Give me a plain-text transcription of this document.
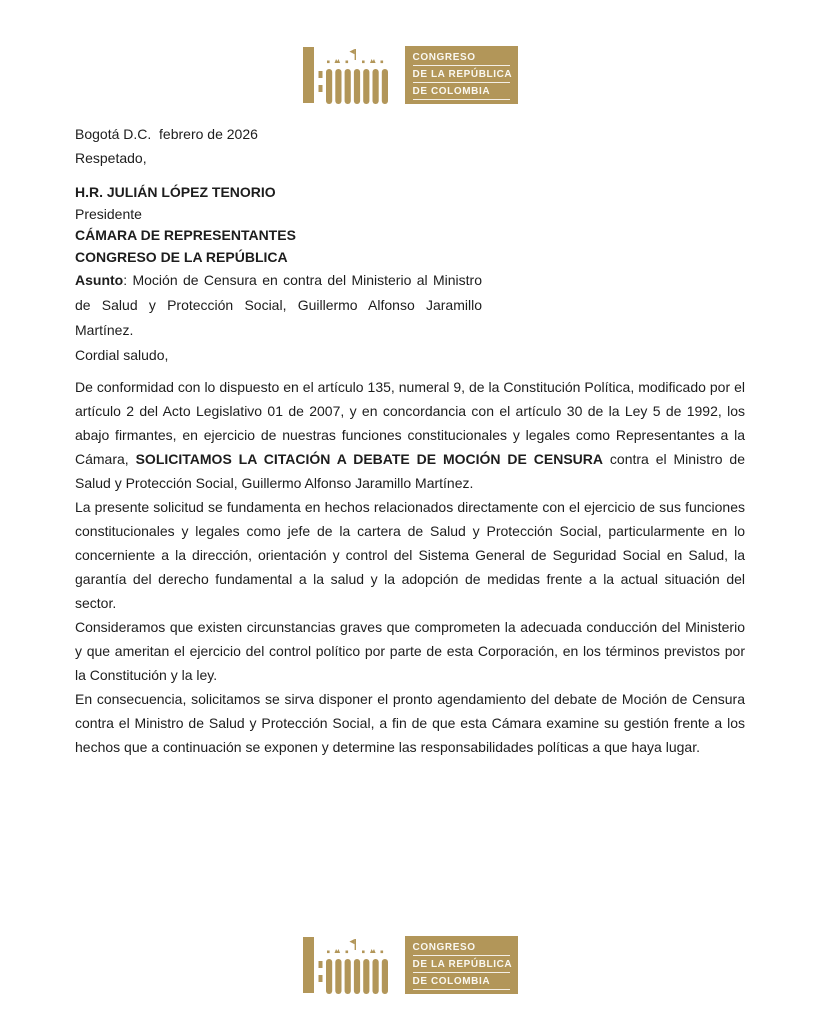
CONGRESO
DE LA REPÚBLICA
DE COLOMBIA

Bogotá D.C.  febrero de 2026

Respetado,

H.R. JULIÁN LÓPEZ TENORIO
Presidente
CÁMARA DE REPRESENTANTES
CONGRESO DE LA REPÚBLICA

Asunto: Moción de Censura en contra del Ministerio al Ministro de Salud y Protección Social, Guillermo Alfonso Jaramillo Martínez.

Cordial saludo,

De conformidad con lo dispuesto en el artículo 135, numeral 9, de la Constitución Política, modificado por el artículo 2 del Acto Legislativo 01 de 2007, y en concordancia con el artículo 30 de la Ley 5 de 1992, los abajo firmantes, en ejercicio de nuestras funciones constitucionales y legales como Representantes a la Cámara, SOLICITAMOS LA CITACIÓN A DEBATE DE MOCIÓN DE CENSURA contra el Ministro de Salud y Protección Social, Guillermo Alfonso Jaramillo Martínez.

La presente solicitud se fundamenta en hechos relacionados directamente con el ejercicio de sus funciones constitucionales y legales como jefe de la cartera de Salud y Protección Social, particularmente en lo concerniente a la dirección, orientación y control del Sistema General de Seguridad Social en Salud, la garantía del derecho fundamental a la salud y la adopción de medidas frente a la actual situación del sector.

Consideramos que existen circunstancias graves que comprometen la adecuada conducción del Ministerio y que ameritan el ejercicio del control político por parte de esta Corporación, en los términos previstos por la Constitución y la ley.

En consecuencia, solicitamos se sirva disponer el pronto agendamiento del debate de Moción de Censura contra el Ministro de Salud y Protección Social, a fin de que esta Cámara examine su gestión frente a los hechos que a continuación se exponen y determine las responsabilidades políticas a que haya lugar.

CONGRESO
DE LA REPÚBLICA
DE COLOMBIA
